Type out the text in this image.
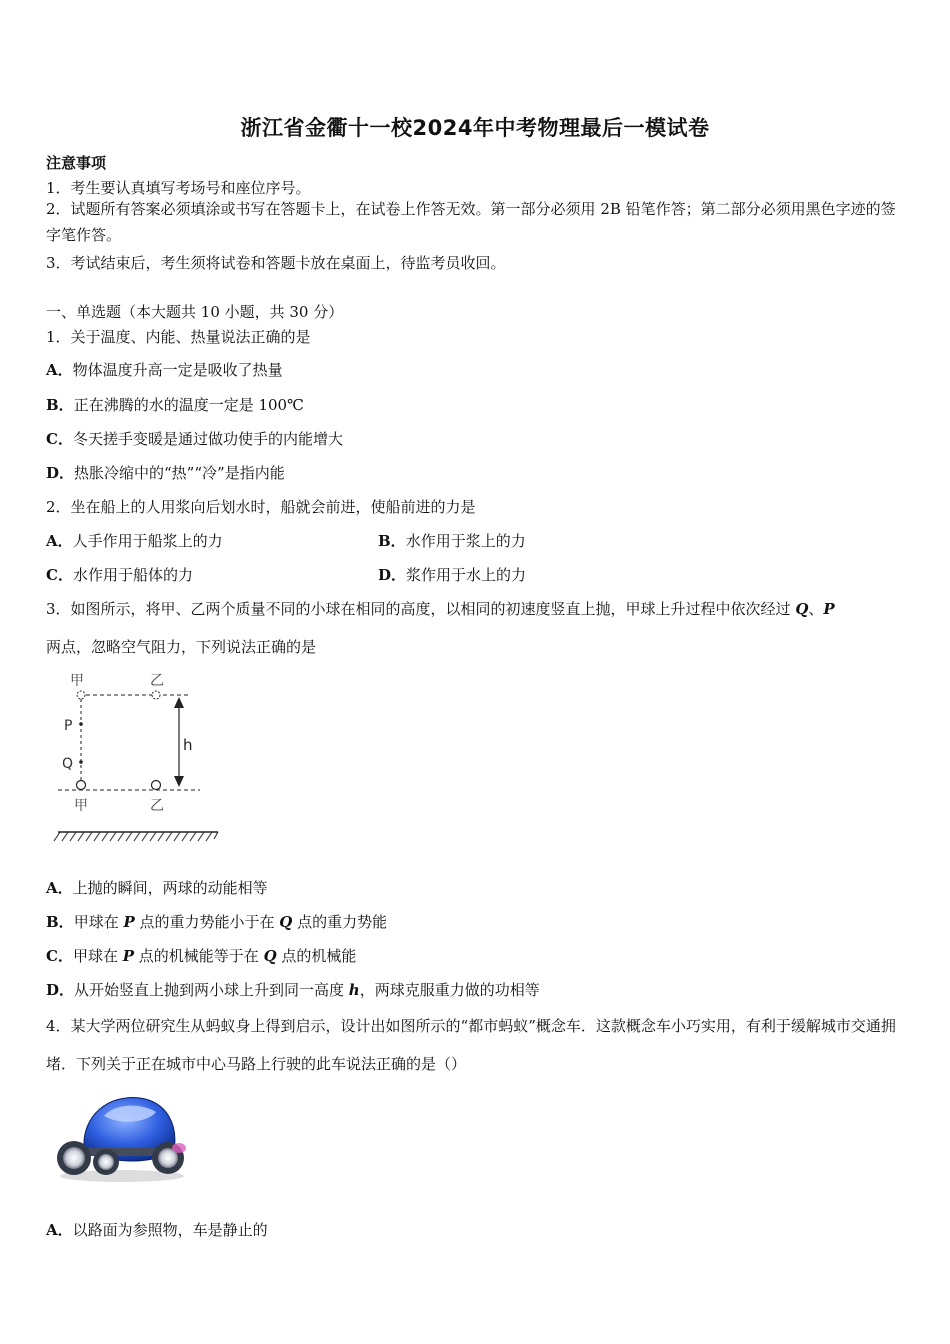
浙江省金衢十一校2024年中考物理最后一模试卷
注意事项
1．考生要认真填写考场号和座位序号。
2．试题所有答案必须填涂或书写在答题卡上，在试卷上作答无效。第一部分必须用 2B 铅笔作答；第二部分必须用黑色字迹的签字笔作答。
3．考试结束后，考生须将试卷和答题卡放在桌面上，待监考员收回。
一、单选题（本大题共 10 小题，共 30 分）
1．关于温度、内能、热量说法正确的是
A．物体温度升高一定是吸收了热量
B．正在沸腾的水的温度一定是 100℃
C．冬天搓手变暖是通过做功使手的内能增大
D．热胀冷缩中的“热”“冷”是指内能
2．坐在船上的人用浆向后划水时，船就会前进，使船前进的力是
A．人手作用于船浆上的力	B．水作用于浆上的力
C．水作用于船体的力	D．浆作用于水上的力
3．如图所示，将甲、乙两个质量不同的小球在相同的高度，以相同的初速度竖直上抛，甲球上升过程中依次经过 Q、P
两点，忽略空气阻力，下列说法正确的是
甲	乙
P
Q
h
甲	乙
A．上抛的瞬间，两球的动能相等
B．甲球在 P 点的重力势能小于在 Q 点的重力势能
C．甲球在 P 点的机械能等于在 Q 点的机械能
D．从开始竖直上抛到两小球上升到同一高度 h，两球克服重力做的功相等
4．某大学两位研究生从蚂蚁身上得到启示，设计出如图所示的“都市蚂蚁”概念车．这款概念车小巧实用，有利于缓解城市交通拥堵．下列关于正在城市中心马路上行驶的此车说法正确的是（）
A．以路面为参照物，车是静止的
